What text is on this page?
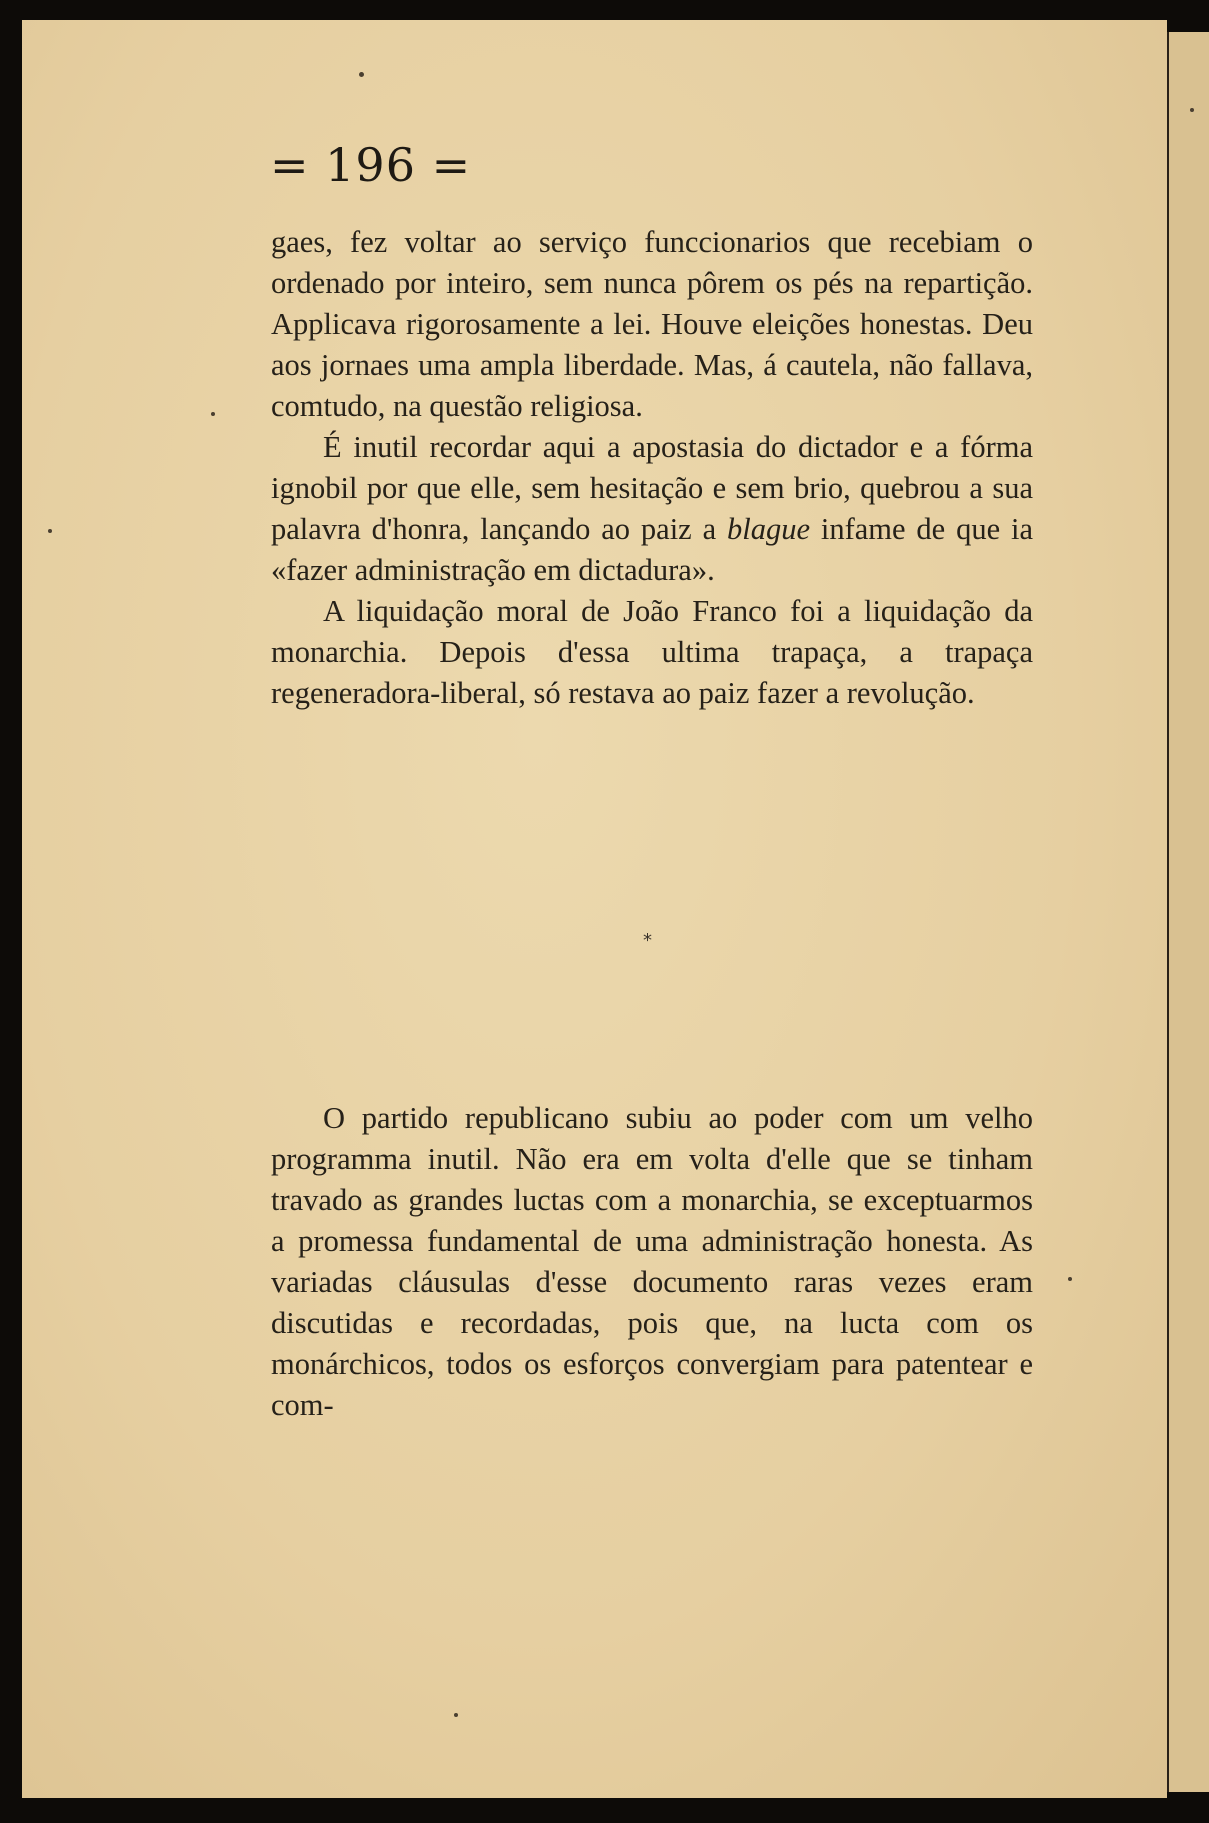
= 196 =

gaes, fez voltar ao serviço funccionarios que recebiam o ordenado por inteiro, sem nunca pôrem os pés na repartição. Applicava rigorosamente a lei. Houve eleições honestas. Deu aos jornaes uma ampla liberdade. Mas, á cautela, não fallava, comtudo, na questão religiosa.

É inutil recordar aqui a apostasia do dictador e a fórma ignobil por que elle, sem hesitação e sem brio, quebrou a sua palavra d'honra, lançando ao paiz a blague infame de que ia «fazer administração em dictadura».

A liquidação moral de João Franco foi a liquidação da monarchia. Depois d'essa ultima trapaça, a trapaça regeneradora-liberal, só restava ao paiz fazer a revolução.

*

O partido republicano subiu ao poder com um velho programma inutil. Não era em volta d'elle que se tinham travado as grandes luctas com a monarchia, se exceptuarmos a promessa fundamental de uma administração honesta. As variadas cláusulas d'esse documento raras vezes eram discutidas e recordadas, pois que, na lucta com os monárchicos, todos os esforços convergiam para patentear e com-
